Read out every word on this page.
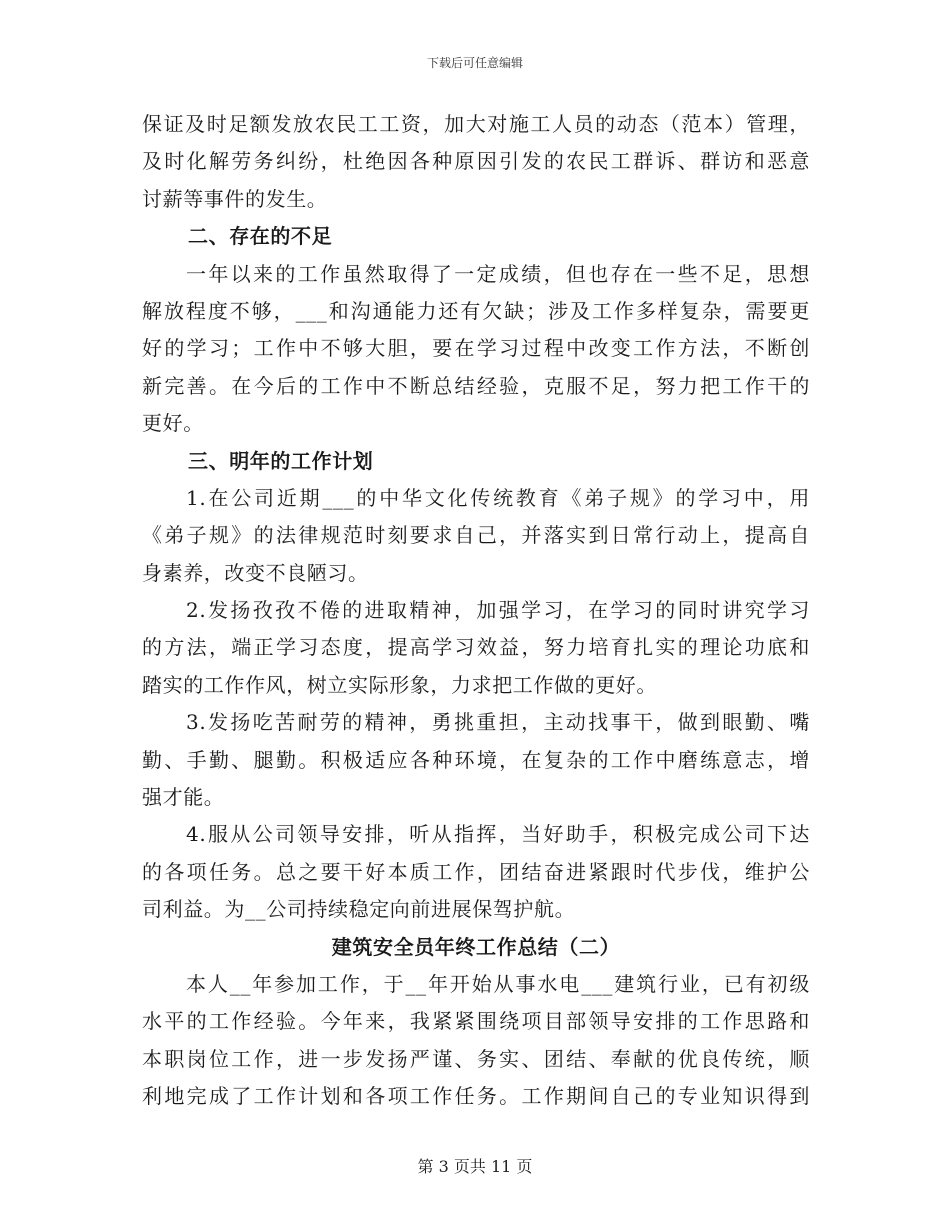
下载后可任意编辑
保证及时足额发放农民工工资，加大对施工人员的动态（范本）管理，
及时化解劳务纠纷，杜绝因各种原因引发的农民工群诉、群访和恶意
讨薪等事件的发生。
二、存在的不足
一年以来的工作虽然取得了一定成绩，但也存在一些不足，思想
解放程度不够，___和沟通能力还有欠缺；涉及工作多样复杂，需要更
好的学习；工作中不够大胆，要在学习过程中改变工作方法，不断创
新完善。在今后的工作中不断总结经验，克服不足，努力把工作干的
更好。
三、明年的工作计划
1.在公司近期___的中华文化传统教育《弟子规》的学习中，用
《弟子规》的法律规范时刻要求自己，并落实到日常行动上，提高自
身素养，改变不良陋习。
2.发扬孜孜不倦的进取精神，加强学习，在学习的同时讲究学习
的方法，端正学习态度，提高学习效益，努力培育扎实的理论功底和
踏实的工作作风，树立实际形象，力求把工作做的更好。
3.发扬吃苦耐劳的精神，勇挑重担，主动找事干，做到眼勤、嘴
勤、手勤、腿勤。积极适应各种环境，在复杂的工作中磨练意志，增
强才能。
4.服从公司领导安排，听从指挥，当好助手，积极完成公司下达
的各项任务。总之要干好本质工作，团结奋进紧跟时代步伐，维护公
司利益。为__公司持续稳定向前进展保驾护航。
建筑安全员年终工作总结（二）
本人__年参加工作，于__年开始从事水电___建筑行业，已有初级
水平的工作经验。今年来，我紧紧围绕项目部领导安排的工作思路和
本职岗位工作，进一步发扬严谨、务实、团结、奉献的优良传统，顺
利地完成了工作计划和各项工作任务。工作期间自己的专业知识得到
第 3 页共 11 页
